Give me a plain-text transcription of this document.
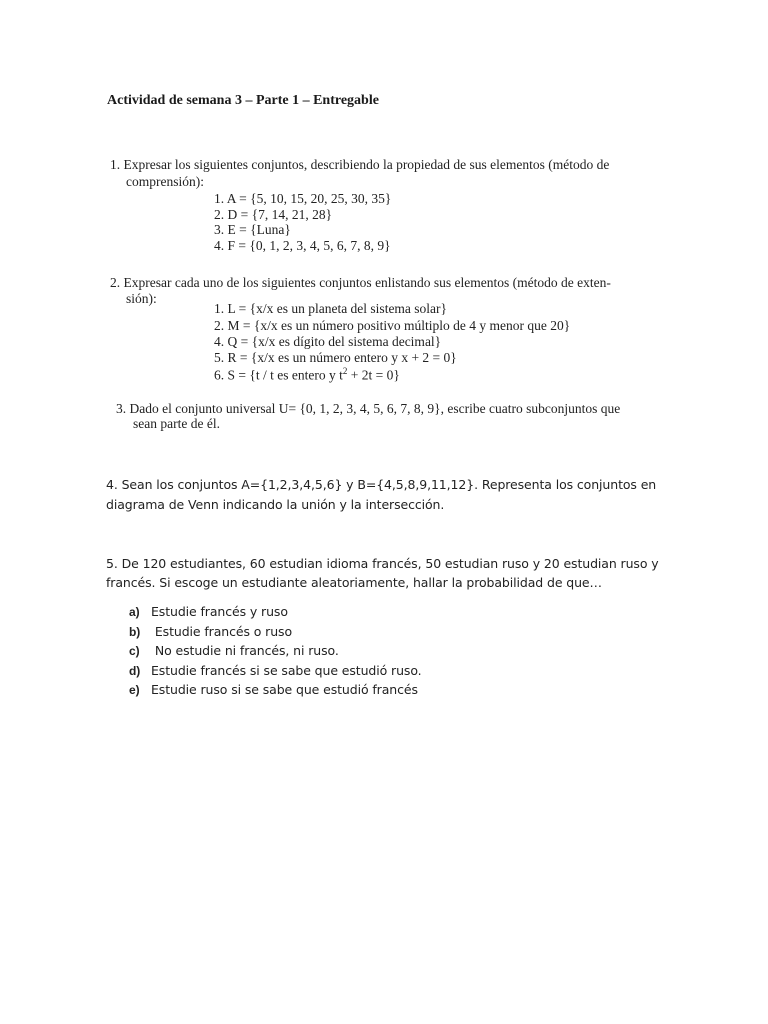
Actividad de semana 3 – Parte 1 – Entregable
1. Expresar los siguientes conjuntos, describiendo la propiedad de sus elementos (método de
comprensión):
1. A = {5, 10, 15, 20, 25, 30, 35}
2. D = {7, 14, 21, 28}
3. E = {Luna}
4. F = {0, 1, 2, 3, 4, 5, 6, 7, 8, 9}
2. Expresar cada uno de los siguientes conjuntos enlistando sus elementos (método de exten-
sión):
1. L = {x/x es un planeta del sistema solar}
2. M = {x/x es un número positivo múltiplo de 4 y menor que 20}
4. Q = {x/x es dígito del sistema decimal}
5. R = {x/x es un número entero y x + 2 = 0}
6. S = {t / t es entero y $t^2 + 2t = 0$}
3. Dado el conjunto universal U= {0, 1, 2, 3, 4, 5, 6, 7, 8, 9}, escribe cuatro subconjuntos que
sean parte de él.
4. Sean los conjuntos A={1,2,3,4,5,6} y B={4,5,8,9,11,12}. Representa los conjuntos en
diagrama de Venn indicando la unión y la intersección.
5. De 120 estudiantes, 60 estudian idioma francés, 50 estudian ruso y 20 estudian ruso y
francés. Si escoge un estudiante aleatoriamente, hallar la probabilidad de que…
a) Estudie francés y ruso
b) Estudie francés o ruso
c) No estudie ni francés, ni ruso.
d) Estudie francés si se sabe que estudió ruso.
e) Estudie ruso si se sabe que estudió francés
